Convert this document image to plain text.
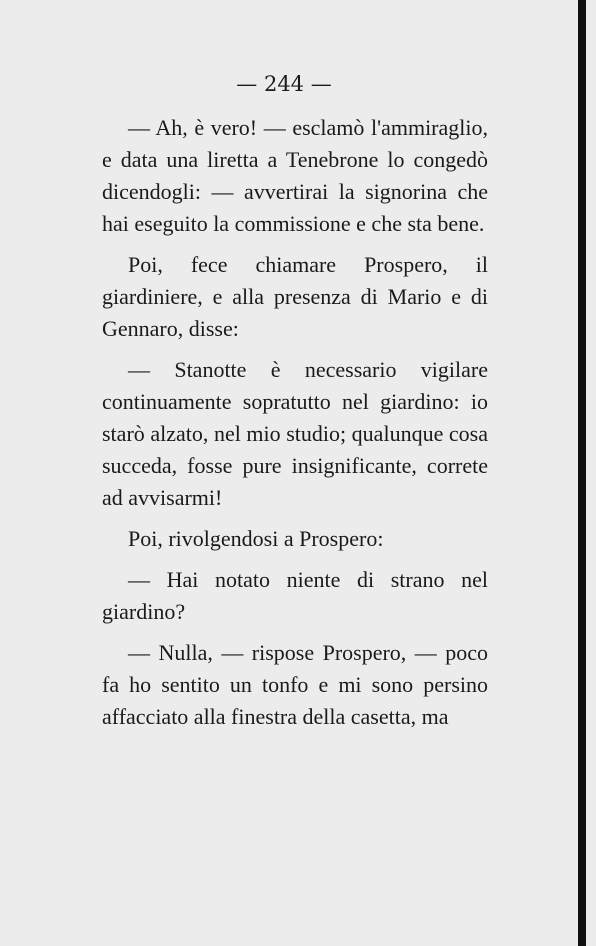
— 244 —

— Ah, è vero! — esclamò l'ammiraglio, e data una liretta a Tenebrone lo congedò dicendogli: — avvertirai la signorina che hai eseguito la commissione e che sta bene.

Poi, fece chiamare Prospero, il giardiniere, e alla presenza di Mario e di Gennaro, disse:

— Stanotte è necessario vigilare continuamente sopratutto nel giardino: io starò alzato, nel mio studio; qualunque cosa succeda, fosse pure insignificante, correte ad avvisarmi!

Poi, rivolgendosi a Prospero:

— Hai notato niente di strano nel giardino?

— Nulla, — rispose Prospero, — poco fa ho sentito un tonfo e mi sono persino affacciato alla finestra della casetta, ma
